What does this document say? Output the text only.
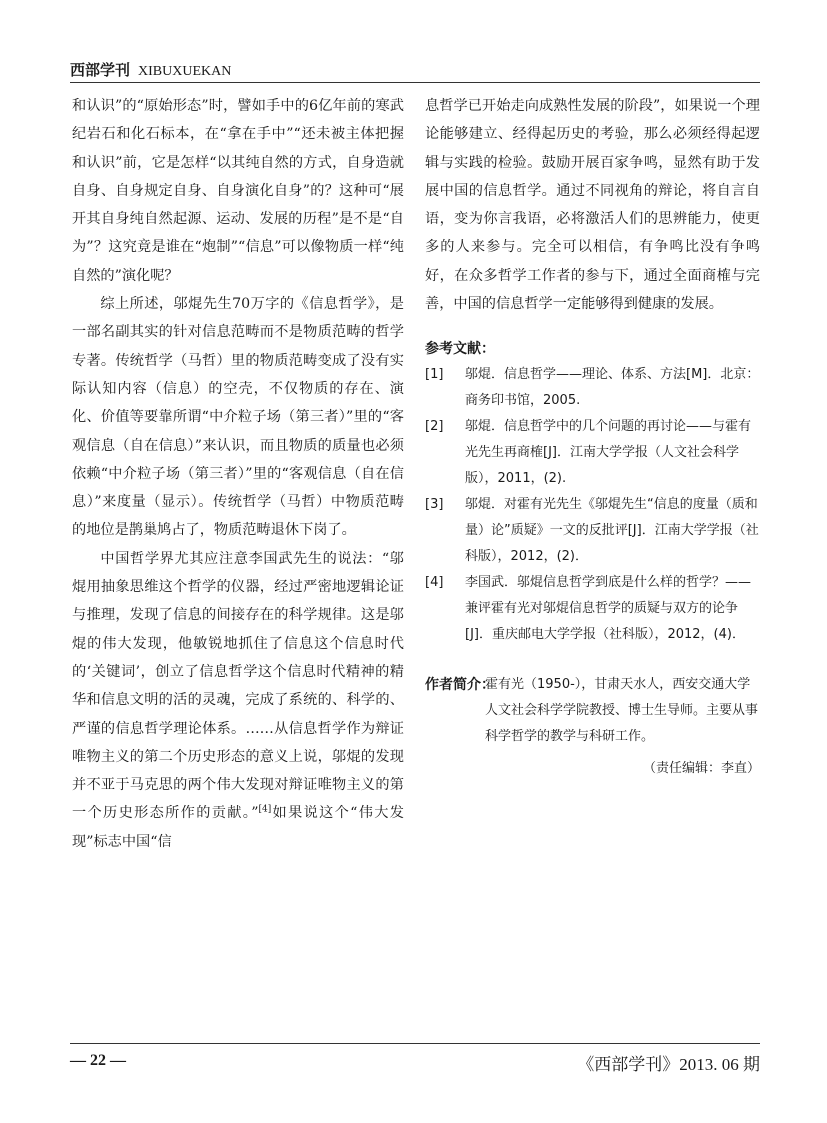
西部学刊 XIBUXUEKAN

和认识”的“原始形态”时，譬如手中的6亿年前的寒武纪岩石和化石标本，在“拿在手中”“还未被主体把握和认识”前，它是怎样“以其纯自然的方式，自身造就自身、自身规定自身、自身演化自身”的？这种可“展开其自身纯自然起源、运动、发展的历程”是不是“自为”？这究竟是谁在“炮制”“信息”可以像物质一样“纯自然的”演化呢？

综上所述，邬焜先生70万字的《信息哲学》，是一部名副其实的针对信息范畴而不是物质范畴的哲学专著。传统哲学（马哲）里的物质范畴变成了没有实际认知内容（信息）的空壳，不仅物质的存在、演化、价值等要靠所谓“中介粒子场（第三者）”里的“客观信息（自在信息）”来认识，而且物质的质量也必须依赖“中介粒子场（第三者）”里的“客观信息（自在信息）”来度量（显示）。传统哲学（马哲）中物质范畴的地位是鹊巢鸠占了，物质范畴退休下岗了。

中国哲学界尤其应注意李国武先生的说法：“邬焜用抽象思维这个哲学的仪器，经过严密地逻辑论证与推理，发现了信息的间接存在的科学规律。这是邬焜的伟大发现，他敏锐地抓住了信息这个信息时代的‘关键词’，创立了信息哲学这个信息时代精神的精华和信息文明的活的灵魂，完成了系统的、科学的、严谨的信息哲学理论体系。……从信息哲学作为辩证唯物主义的第二个历史形态的意义上说，邬焜的发现并不亚于马克思的两个伟大发现对辩证唯物主义的第一个历史形态所作的贡献。”[4]如果说这个“伟大发现”标志中国“信

息哲学已开始走向成熟性发展的阶段”，如果说一个理论能够建立、经得起历史的考验，那么必须经得起逻辑与实践的检验。鼓励开展百家争鸣，显然有助于发展中国的信息哲学。通过不同视角的辩论，将自言自语，变为你言我语，必将激活人们的思辨能力，使更多的人来参与。完全可以相信，有争鸣比没有争鸣好，在众多哲学工作者的参与下，通过全面商榷与完善，中国的信息哲学一定能够得到健康的发展。

参考文献：
[1] 邬焜．信息哲学——理论、体系、方法[M]．北京：商务印书馆，2005.
[2] 邬焜．信息哲学中的几个问题的再讨论——与霍有光先生再商榷[J]．江南大学学报（人文社会科学版），2011，(2).
[3] 邬焜．对霍有光先生《邬焜先生“信息的度量（质和量）论”质疑》一文的反批评[J]．江南大学学报（社科版），2012，(2)．
[4] 李国武．邬焜信息哲学到底是什么样的哲学？——兼评霍有光对邬焜信息哲学的质疑与双方的论争[J]．重庆邮电大学学报（社科版），2012，(4)．
作者简介：
霍有光（1950-），甘肃天水人，西安交通大学人文社会科学学院教授、博士生导师。主要从事科学哲学的教学与科研工作。
（责任编辑：李直）
— 22 —	《西部学刊》2013. 06 期
